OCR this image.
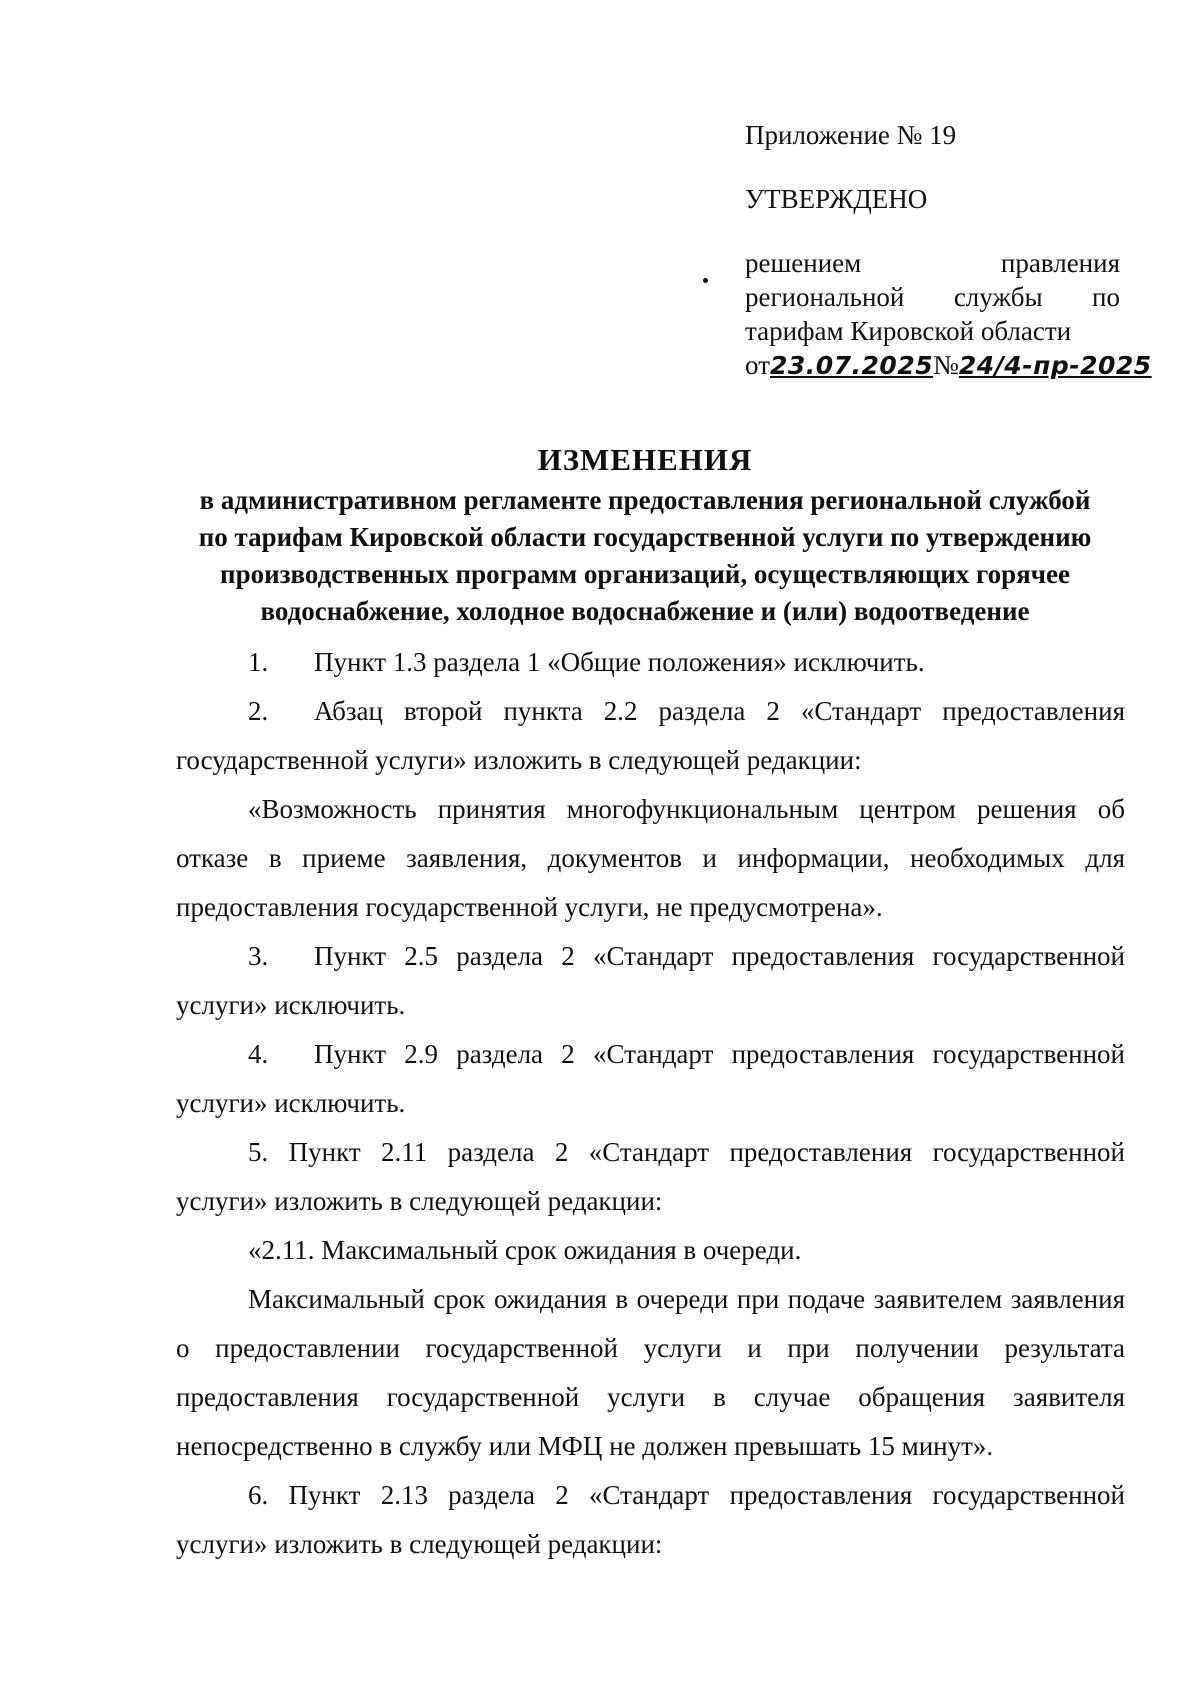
Приложение № 19

УТВЕРЖДЕНО

решением правления

региональной службы по

тарифам Кировской области

от23.07.2025№24/4-пр-2025

ИЗМЕНЕНИЯ

в административном регламенте предоставления региональной службой

по тарифам Кировской области государственной услуги по утверждению

производственных программ организаций, осуществляющих горячее

водоснабжение, холодное водоснабжение и (или) водоотведение

1. Пункт 1.3 раздела 1 «Общие положения» исключить.

2. Абзац второй пункта 2.2 раздела 2 «Стандарт предоставления государственной услуги» изложить в следующей редакции:

«Возможность принятия многофункциональным центром решения об отказе в приеме заявления, документов и информации, необходимых для предоставления государственной услуги, не предусмотрена».

3. Пункт 2.5 раздела 2 «Стандарт предоставления государственной услуги» исключить.

4. Пункт 2.9 раздела 2 «Стандарт предоставления государственной услуги» исключить.

5. Пункт 2.11 раздела 2 «Стандарт предоставления государственной услуги» изложить в следующей редакции:

«2.11. Максимальный срок ожидания в очереди.

Максимальный срок ожидания в очереди при подаче заявителем заявления о предоставлении государственной услуги и при получении результата предоставления государственной услуги в случае обращения заявителя непосредственно в службу или МФЦ не должен превышать 15 минут».

6. Пункт 2.13 раздела 2 «Стандарт предоставления государственной услуги» изложить в следующей редакции:
